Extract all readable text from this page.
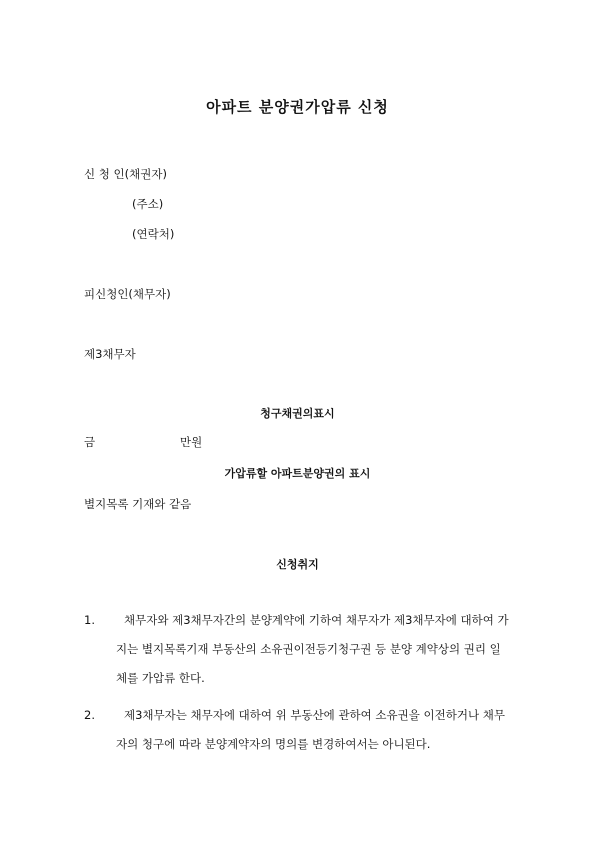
아파트 분양권가압류 신청
신 청 인(채권자)
(주소)
(연락처)
피신청인(채무자)
제3채무자
청구채권의표시
금	만원
가압류할 아파트분양권의 표시
별지목록 기재와 같음
신청취지
1.	채무자와 제3채무자간의 분양계약에 기하여 채무자가 제3채무자에 대하여 가지는 별지목록기재 부동산의 소유권이전등기청구권 등 분양 계약상의 권리 일체를 가압류 한다.
2.	제3채무자는 채무자에 대하여 위 부동산에 관하여 소유권을 이전하거나 채무자의 청구에 따라 분양계약자의 명의를 변경하여서는 아니된다.
